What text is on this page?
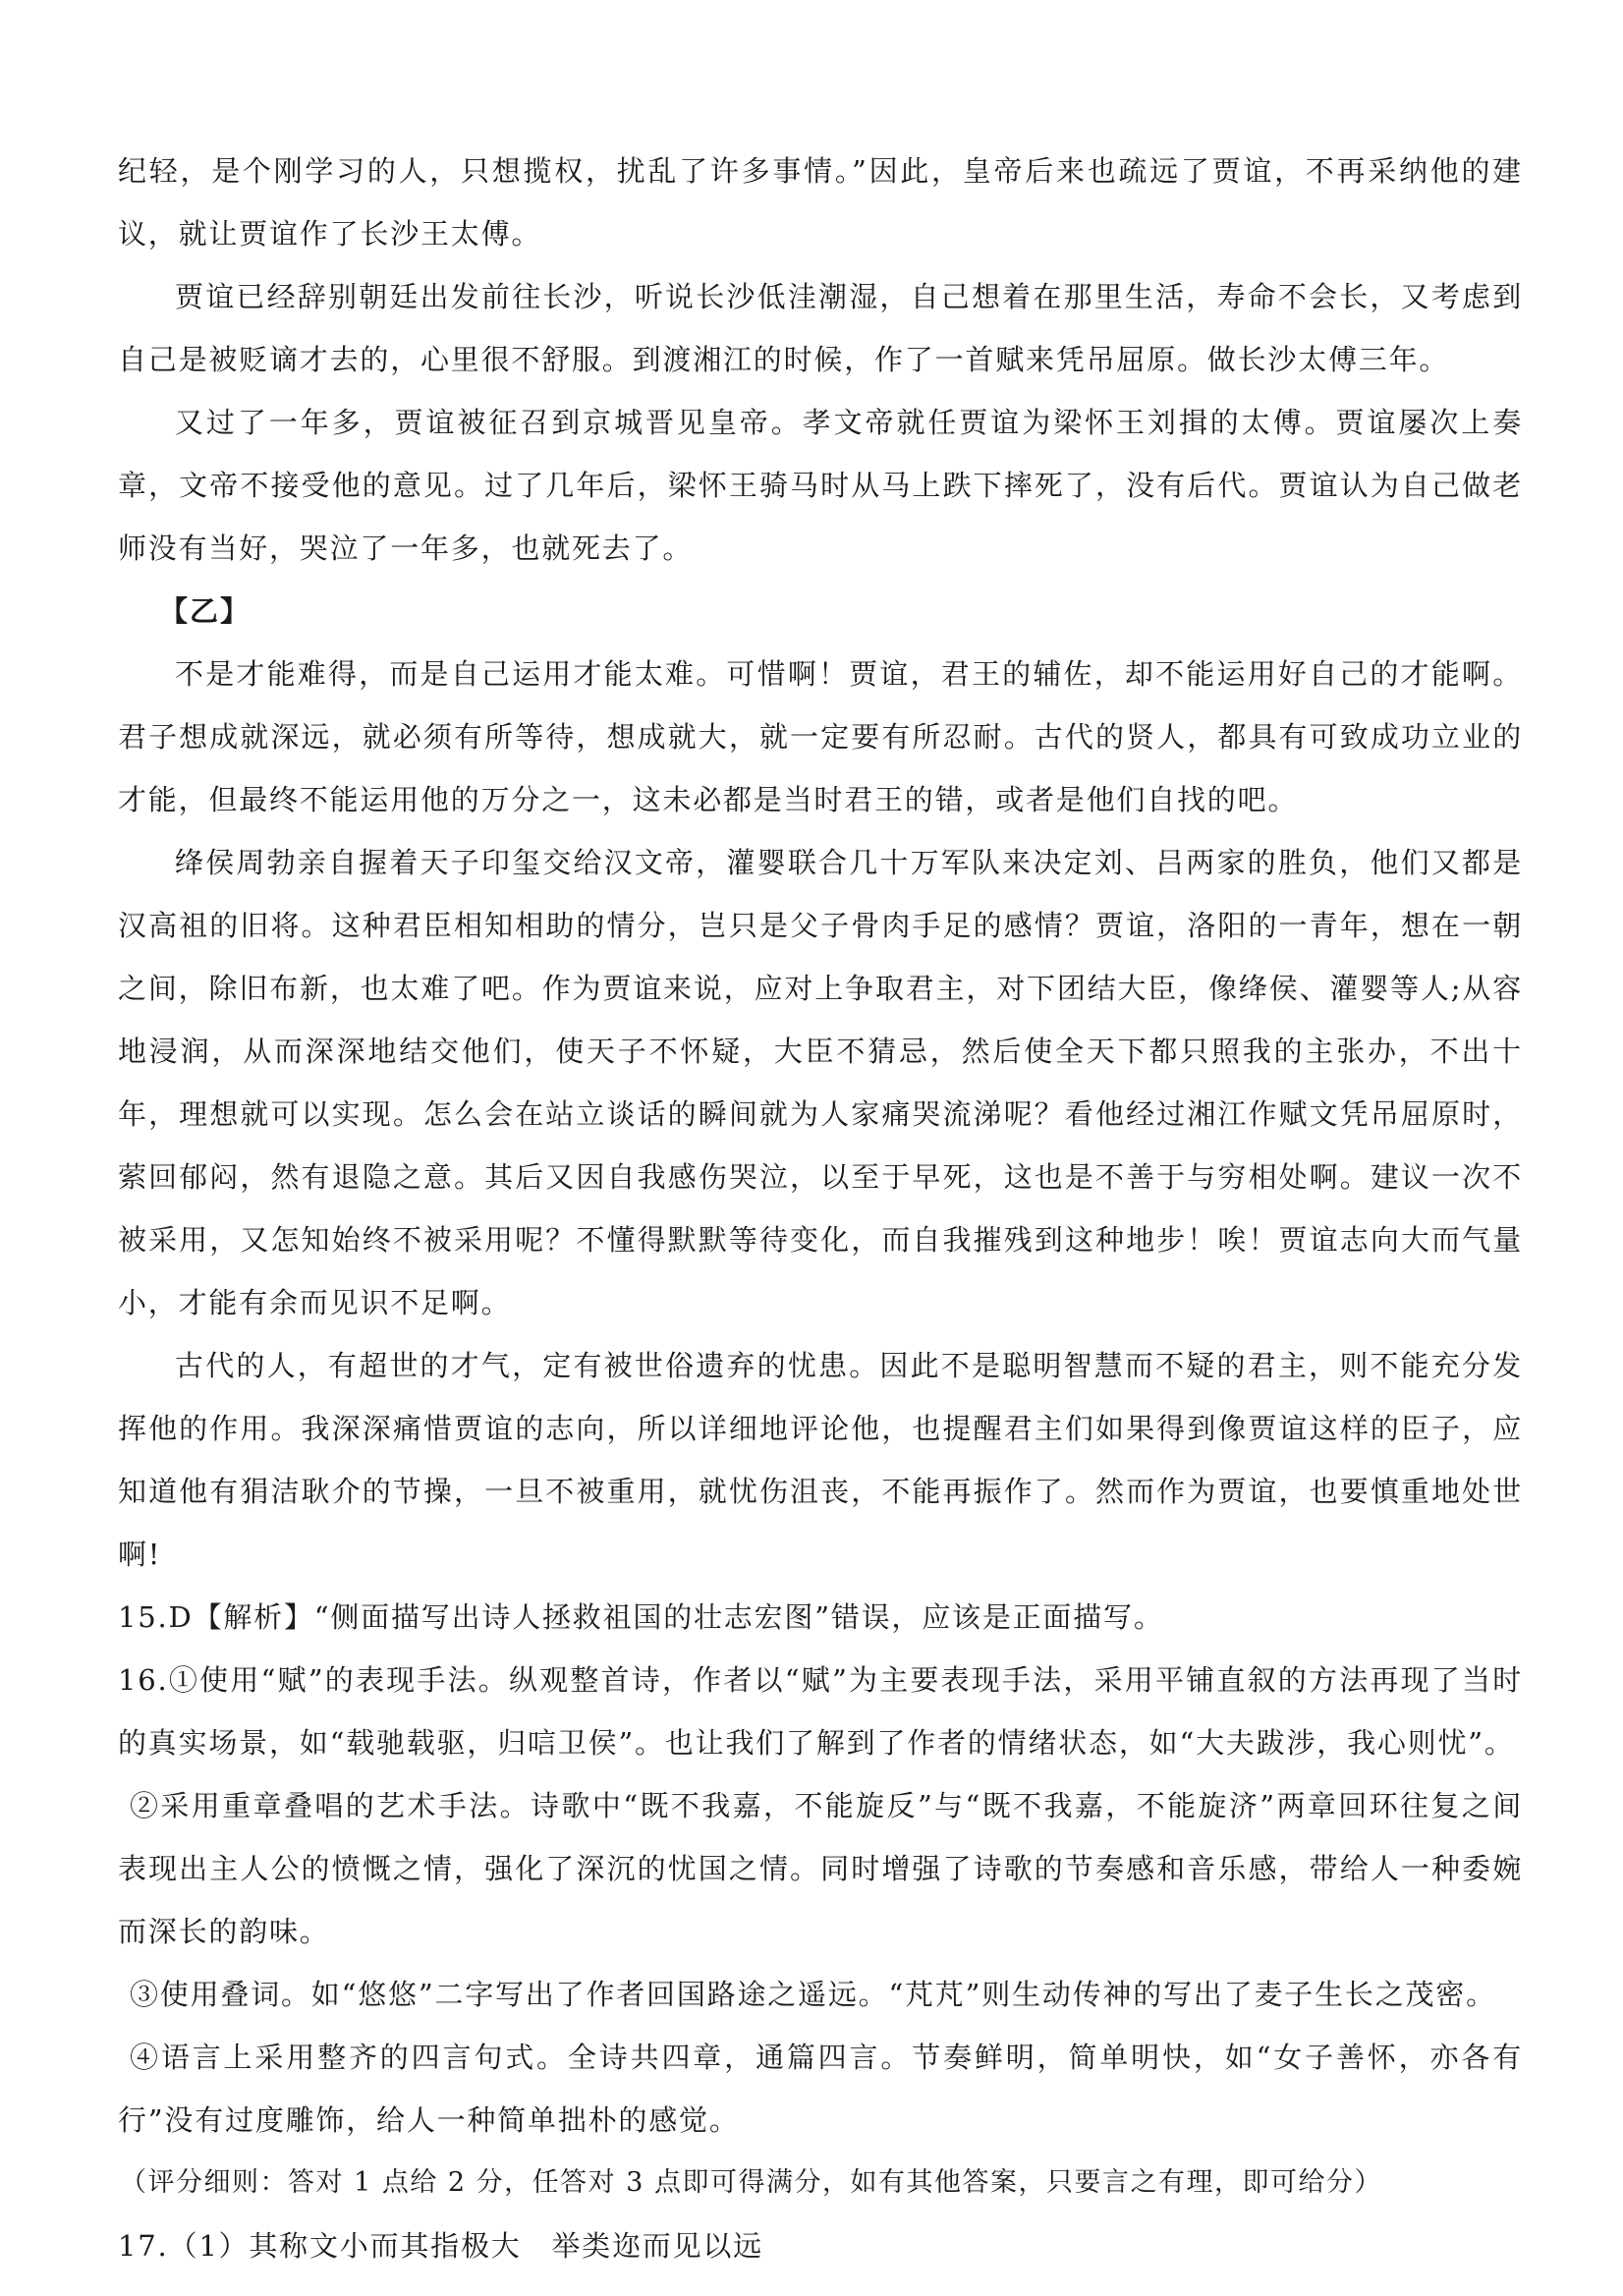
纪轻，是个刚学习的人，只想揽权，扰乱了许多事情。”因此，皇帝后来也疏远了贾谊，不再采纳他的建议，就让贾谊作了长沙王太傅。

贾谊已经辞别朝廷出发前往长沙，听说长沙低洼潮湿，自己想着在那里生活，寿命不会长，又考虑到自己是被贬谪才去的，心里很不舒服。到渡湘江的时候，作了一首赋来凭吊屈原。做长沙太傅三年。

又过了一年多，贾谊被征召到京城晋见皇帝。孝文帝就任贾谊为梁怀王刘揖的太傅。贾谊屡次上奏章，文帝不接受他的意见。过了几年后，梁怀王骑马时从马上跌下摔死了，没有后代。贾谊认为自己做老师没有当好，哭泣了一年多，也就死去了。

【乙】

不是才能难得，而是自己运用才能太难。可惜啊！贾谊，君王的辅佐，却不能运用好自己的才能啊。君子想成就深远，就必须有所等待，想成就大，就一定要有所忍耐。古代的贤人，都具有可致成功立业的才能，但最终不能运用他的万分之一，这未必都是当时君王的错，或者是他们自找的吧。

绛侯周勃亲自握着天子印玺交给汉文帝，灌婴联合几十万军队来决定刘、吕两家的胜负，他们又都是汉高祖的旧将。这种君臣相知相助的情分，岂只是父子骨肉手足的感情？贾谊，洛阳的一青年，想在一朝之间，除旧布新，也太难了吧。作为贾谊来说，应对上争取君主，对下团结大臣，像绛侯、灌婴等人;从容地浸润，从而深深地结交他们，使天子不怀疑，大臣不猜忌，然后使全天下都只照我的主张办，不出十年，理想就可以实现。怎么会在站立谈话的瞬间就为人家痛哭流涕呢？看他经过湘江作赋文凭吊屈原时，萦回郁闷，然有退隐之意。其后又因自我感伤哭泣，以至于早死，这也是不善于与穷相处啊。建议一次不被采用，又怎知始终不被采用呢？不懂得默默等待变化，而自我摧残到这种地步！唉！贾谊志向大而气量小，才能有余而见识不足啊。

古代的人，有超世的才气，定有被世俗遗弃的忧患。因此不是聪明智慧而不疑的君主，则不能充分发挥他的作用。我深深痛惜贾谊的志向，所以详细地评论他，也提醒君主们如果得到像贾谊这样的臣子，应知道他有狷洁耿介的节操，一旦不被重用，就忧伤沮丧，不能再振作了。然而作为贾谊，也要慎重地处世啊!

15.D【解析】“侧面描写出诗人拯救祖国的壮志宏图”错误，应该是正面描写。

16.①使用“赋”的表现手法。纵观整首诗，作者以“赋”为主要表现手法，采用平铺直叙的方法再现了当时的真实场景，如“载驰载驱，归唁卫侯”。也让我们了解到了作者的情绪状态，如“大夫跋涉，我心则忧”。

②采用重章叠唱的艺术手法。诗歌中“既不我嘉，不能旋反”与“既不我嘉，不能旋济”两章回环往复之间表现出主人公的愤慨之情，强化了深沉的忧国之情。同时增强了诗歌的节奏感和音乐感，带给人一种委婉而深长的韵味。

③使用叠词。如“悠悠”二字写出了作者回国路途之遥远。“芃芃”则生动传神的写出了麦子生长之茂密。

④语言上采用整齐的四言句式。全诗共四章，通篇四言。节奏鲜明，简单明快，如“女子善怀，亦各有行”没有过度雕饰，给人一种简单拙朴的感觉。

（评分细则：答对 1 点给 2 分，任答对 3 点即可得满分，如有其他答案，只要言之有理，即可给分）

17.（1）其称文小而其指极大　举类迩而见以远
